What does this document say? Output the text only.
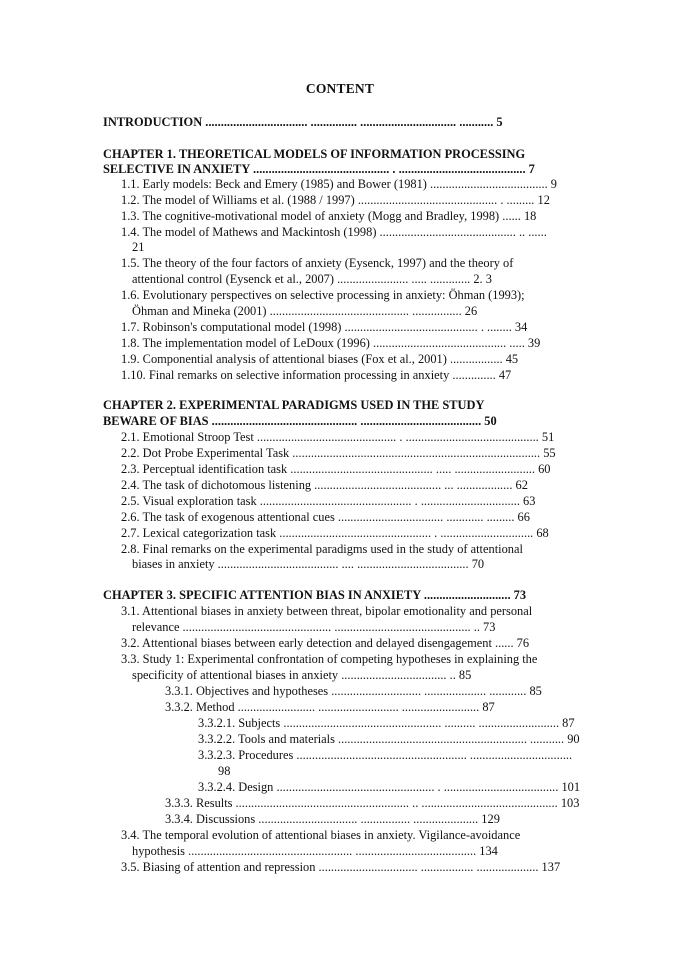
CONTENT
INTRODUCTION ................................. ............... ............................... ........... 5
CHAPTER 1. THEORETICAL MODELS OF INFORMATION PROCESSING
SELECTIVE IN ANXIETY ............................................ . ......................................... 7
1.1. Early models: Beck and Emery (1985) and Bower (1981) ...................................... 9
1.2. The model of Williams et al. (1988 / 1997) ............................................. . ......... 12
1.3. The cognitive-motivational model of anxiety (Mogg and Bradley, 1998) ...... 18
1.4. The model of Mathews and Mackintosh (1998) ............................................ .. ......
21
1.5. The theory of the four factors of anxiety (Eysenck, 1997) and the theory of
attentional control (Eysenck et al., 2007) ....................... ..... ............. 2. 3
1.6. Evolutionary perspectives on selective processing in anxiety: Öhman (1993);
Öhman and Mineka (2001) ............................................. ................ 26
1.7. Robinson's computational model (1998) ........................................... . ........ 34
1.8. The implementation model of LeDoux (1996) ........................................... ..... 39
1.9. Componential analysis of attentional biases (Fox et al., 2001) ................. 45
1.10. Final remarks on selective information processing in anxiety .............. 47
CHAPTER 2. EXPERIMENTAL PARADIGMS USED IN THE STUDY
BEWARE OF BIAS ............................................... ....................................... 50
2.1. Emotional Stroop Test ............................................. . ........................................... 51
2.2. Dot Probe Experimental Task ................................................................................ 55
2.3. Perceptual identification task .............................................. ..... .......................... 60
2.4. The task of dichotomous listening ......................................... ... .................. 62
2.5. Visual exploration task ................................................. . ................................ 63
2.6. The task of exogenous attentional cues .................................. ............ ......... 66
2.7. Lexical categorization task ................................................. . .............................. 68
2.8. Final remarks on the experimental paradigms used in the study of attentional
biases in anxiety ....................................... .... .................................... 70
CHAPTER 3. SPECIFIC ATTENTION BIAS IN ANXIETY ............................ 73
3.1. Attentional biases in anxiety between threat, bipolar emotionality and personal
relevance ................................................ ............................................ .. 73
3.2. Attentional biases between early detection and delayed disengagement ...... 76
3.3. Study 1: Experimental confrontation of competing hypotheses in explaining the
specificity of attentional biases in anxiety .................................. .. 85
3.3.1. Objectives and hypotheses ............................. .................... ............ 85
3.3.2. Method ......................... .......................... ......................... 87
3.3.2.1. Subjects ................................................... .......... .......................... 87
3.3.2.2. Tools and materials ............................................................. ........... 90
3.3.2.3. Procedures ....................................................... .................................
98
3.3.2.4. Design ................................................... . ..................................... 101
3.3.3. Results ........................................................ .. ............................................ 103
3.3.4. Discussions ................................ ................ ..................... 129
3.4. The temporal evolution of attentional biases in anxiety. Vigilance-avoidance
hypothesis ..................................................... ....................................... 134
3.5. Biasing of attention and repression ................................ ................. .................... 137
